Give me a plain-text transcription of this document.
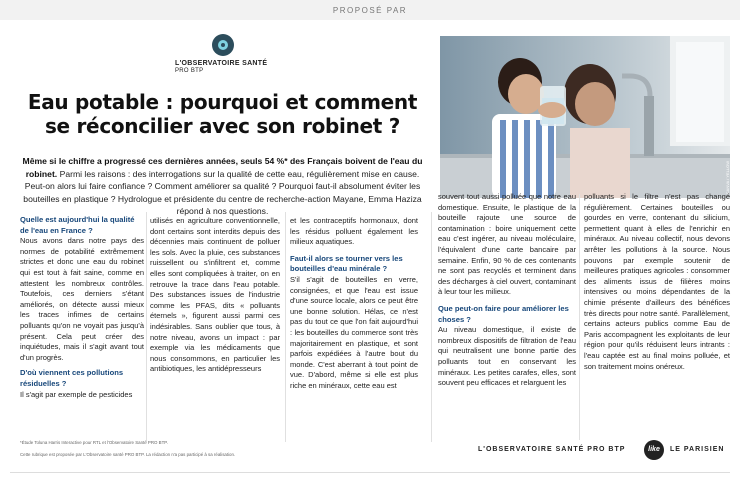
PROPOSÉ PAR
L'OBSERVATOIRE SANTÉ
PRO BTP
Eau potable : pourquoi et comment se réconcilier avec son robinet ?
Même si le chiffre a progressé ces dernières années, seuls 54 %* des Français boivent de l'eau du robinet. Parmi les raisons : des interrogations sur la qualité de cette eau, régulièrement mise en cause. Peut-on alors lui faire confiance ? Comment améliorer sa qualité ? Pourquoi faut-il absolument éviter les bouteilles en plastique ? Hydrologue et présidente du centre de recherche-action Mayane, Emma Haziza répond à nos questions.
CANVA / YELLOW
Quelle est aujourd'hui la qualité de l'eau en France ?

Nous avons dans notre pays des normes de potabilité extrêmement strictes et donc une eau du robinet qui est tout à fait saine, comme en attestent les nombreux contrôles. Toutefois, ces derniers s'étant améliorés, on détecte aussi mieux les traces infimes de certains polluants qu'on ne voyait pas jusqu'à présent. Cela peut créer des inquiétudes, mais il s'agit avant tout d'un progrès.

D'où viennent ces pollutions résiduelles ?

Il s'agit par exemple de pesticides

utilisés en agriculture conventionnelle, dont certains sont interdits depuis des décennies mais continuent de polluer les sols. Avec la pluie, ces substances ruissellent ou s'infiltrent et, comme elles sont compliquées à traiter, on en retrouve la trace dans l'eau potable. Des substances issues de l'industrie comme les PFAS, dits « polluants éternels », figurent aussi parmi ces indésirables. Sans oublier que tous, à notre niveau, avons un impact : par exemple via les médicaments que nous consommons, en particulier les antibiotiques, les antidépresseurs

et les contraceptifs hormonaux, dont les résidus polluent également les milieux aquatiques.

Faut-il alors se tourner vers les bouteilles d'eau minérale ?

S'il s'agit de bouteilles en verre, consignées, et que l'eau est issue d'une source locale, alors ce peut être une bonne solution. Hélas, ce n'est pas du tout ce que l'on fait aujourd'hui : les bouteilles du commerce sont très majoritairement en plastique, et sont parfois expédiées à l'autre bout du monde. C'est aberrant à tout point de vue. D'abord, même si elle est plus riche en minéraux, cette eau est

souvent tout aussi polluée que notre eau domestique. Ensuite, le plastique de la bouteille rajoute une source de contamination : boire uniquement cette eau c'est ingérer, au niveau moléculaire, l'équivalent d'une carte bancaire par semaine. Enfin, 90 % de ces contenants ne sont pas recyclés et terminent dans des décharges à ciel ouvert, contaminant à leur tour les milieux.

Que peut-on faire pour améliorer les choses ?

Au niveau domestique, il existe de nombreux dispositifs de filtration de l'eau qui neutralisent une bonne partie des polluants tout en conservant les minéraux. Les petites carafes, elles, sont souvent peu efficaces et relarguent les

polluants si le filtre n'est pas changé régulièrement. Certaines bouteilles ou gourdes en verre, contenant du silicium, permettent quant à elles de l'enrichir en minéraux. Au niveau collectif, nous devons arrêter les pollutions à la source. Nous pouvons par exemple soutenir de meilleures pratiques agricoles : consommer des aliments issus de filières moins intensives ou moins dépendantes de la chimie présente d'ailleurs des bénéfices très directs pour notre santé. Parallèlement, certains acteurs publics comme Eau de Paris accompagnent les exploitants de leur région pour qu'ils réduisent leurs intrants : l'eau captée est au final moins polluée, et son traitement moins onéreux.

*Étude Toluna Harris Interactive pour RTL et l'Observatoire Santé PRO BTP.
Cette rubrique est proposée par L'Observatoire santé PRO BTP. La rédaction n'a pas participé à sa réalisation.
L'OBSERVATOIRE SANTÉ PRO BTP	like	LE PARISIEN
